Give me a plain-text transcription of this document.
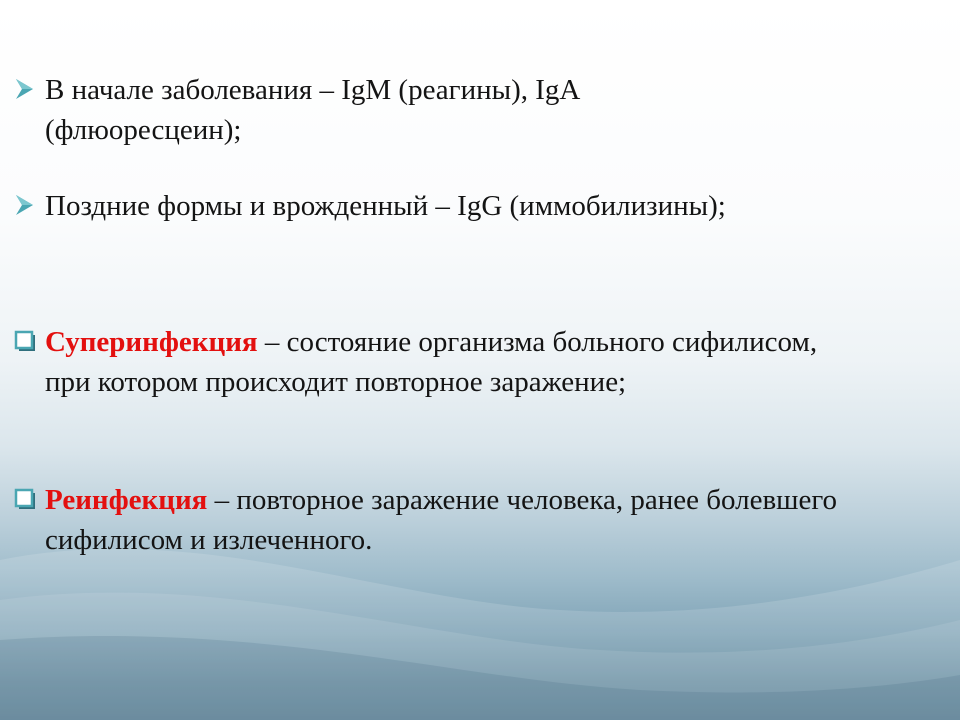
В начале заболевания – IgM (реагины), IgA (флюоресцеин);
Поздние формы и врожденный – IgG (иммобилизины);
Суперинфекция – состояние организма больного сифилисом, при котором происходит повторное заражение;
Реинфекция – повторное заражение человека, ранее болевшего сифилисом и излеченного.
